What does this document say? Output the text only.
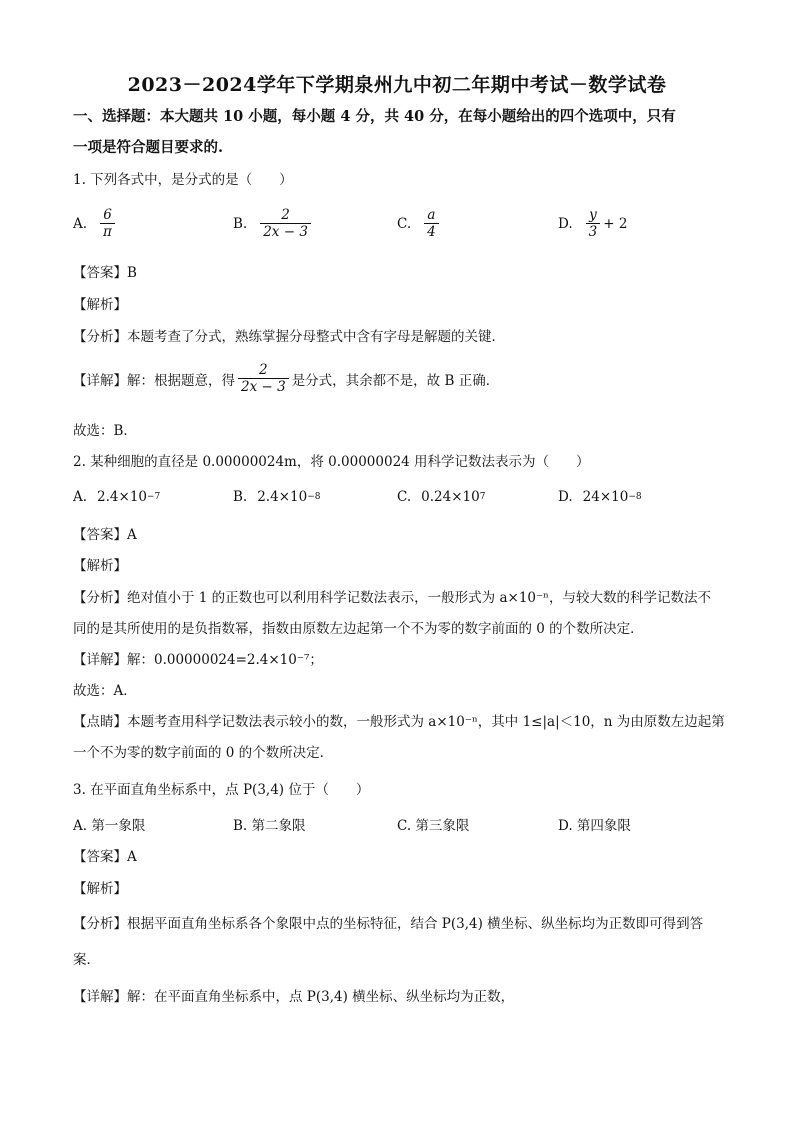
2023－2024学年下学期泉州九中初二年期中考试－数学试卷
一、选择题：本大题共 10 小题，每小题 4 分，共 40 分，在每小题给出的四个选项中，只有
一项是符合题目要求的.
1. 下列各式中，是分式的是（　　）
A. $\frac{6}{\pi}$	B. $\frac{2}{2x - 3}$	C. $\frac{a}{4}$	D. $\frac{y}{3} + 2$
【答案】B
【解析】
【分析】本题考查了分式，熟练掌握分母整式中含有字母是解题的关键．
【详解】解：根据题意，得 $\frac{2}{2x - 3}$ 是分式，其余都不是，故 B 正确．
故选：B．
2. 某种细胞的直径是 0.00000024m，将 0.00000024 用科学记数法表示为（　　）
A. 2.4×10 −7	B. 2.4×10 −8	C. 0.24×10 7	D. 24×10 −8
【答案】A
【解析】
【分析】绝对值小于 1 的正数也可以利用科学记数法表示，一般形式为 a×10⁻ⁿ，与较大数的科学记数法不
同的是其所使用的是负指数幂，指数由原数左边起第一个不为零的数字前面的 0 的个数所决定．
【详解】解：0.00000024=2.4×10⁻⁷；
故选：A．
【点睛】本题考查用科学记数法表示较小的数，一般形式为 a×10⁻ⁿ，其中 1≤|a|＜10，n 为由原数左边起第
一个不为零的数字前面的 0 的个数所决定．
3. 在平面直角坐标系中，点 P(3,4) 位于（　　）
A. 第一象限	B. 第二象限	C. 第三象限	D. 第四象限
【答案】A
【解析】
【分析】根据平面直角坐标系各个象限中点的坐标特征，结合 P(3,4) 横坐标、纵坐标均为正数即可得到答
案．
【详解】解：在平面直角坐标系中，点 P(3,4) 横坐标、纵坐标均为正数，
